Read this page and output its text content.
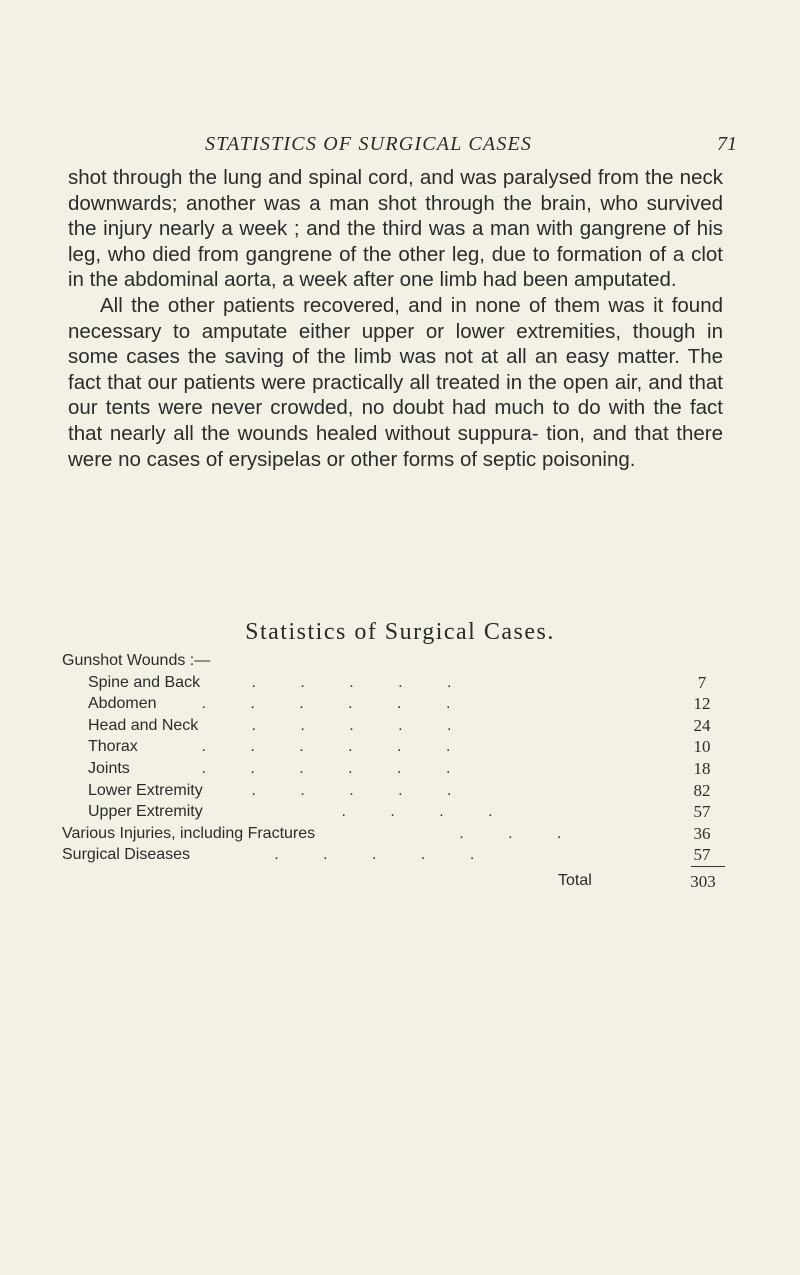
STATISTICS OF SURGICAL CASES	71

shot through the lung and spinal cord, and was paralysed from the neck downwards; another was a man shot through the brain, who survived the injury nearly a week ; and the third was a man with gangrene of his leg, who died from gangrene of the other leg, due to formation of a clot in the abdominal aorta, a week after one limb had been amputated.

All the other patients recovered, and in none of them was it found necessary to amputate either upper or lower extremities, though in some cases the saving of the limb was not at all an easy matter. The fact that our patients were practically all treated in the open air, and that our tents were never crowded, no doubt had much to do with the fact that nearly all the wounds healed without suppura- tion, and that there were no cases of erysipelas or other forms of septic poisoning.

Statistics of Surgical Cases.
Gunshot Wounds :—
Spine and Back	.          .          .          .          .	7
Abdomen	.          .          .          .          .          .	12
Head and Neck	.          .          .          .          .	24
Thorax	.          .          .          .          .          .	10
Joints	.          .          .          .          .          .	18
Lower Extremity	.          .          .          .          .	82
Upper Extremity	.          .          .          .	57
Various Injuries, including Fractures	.          .          .	36
Surgical Diseases	.          .          .          .          .	57
Total	303
